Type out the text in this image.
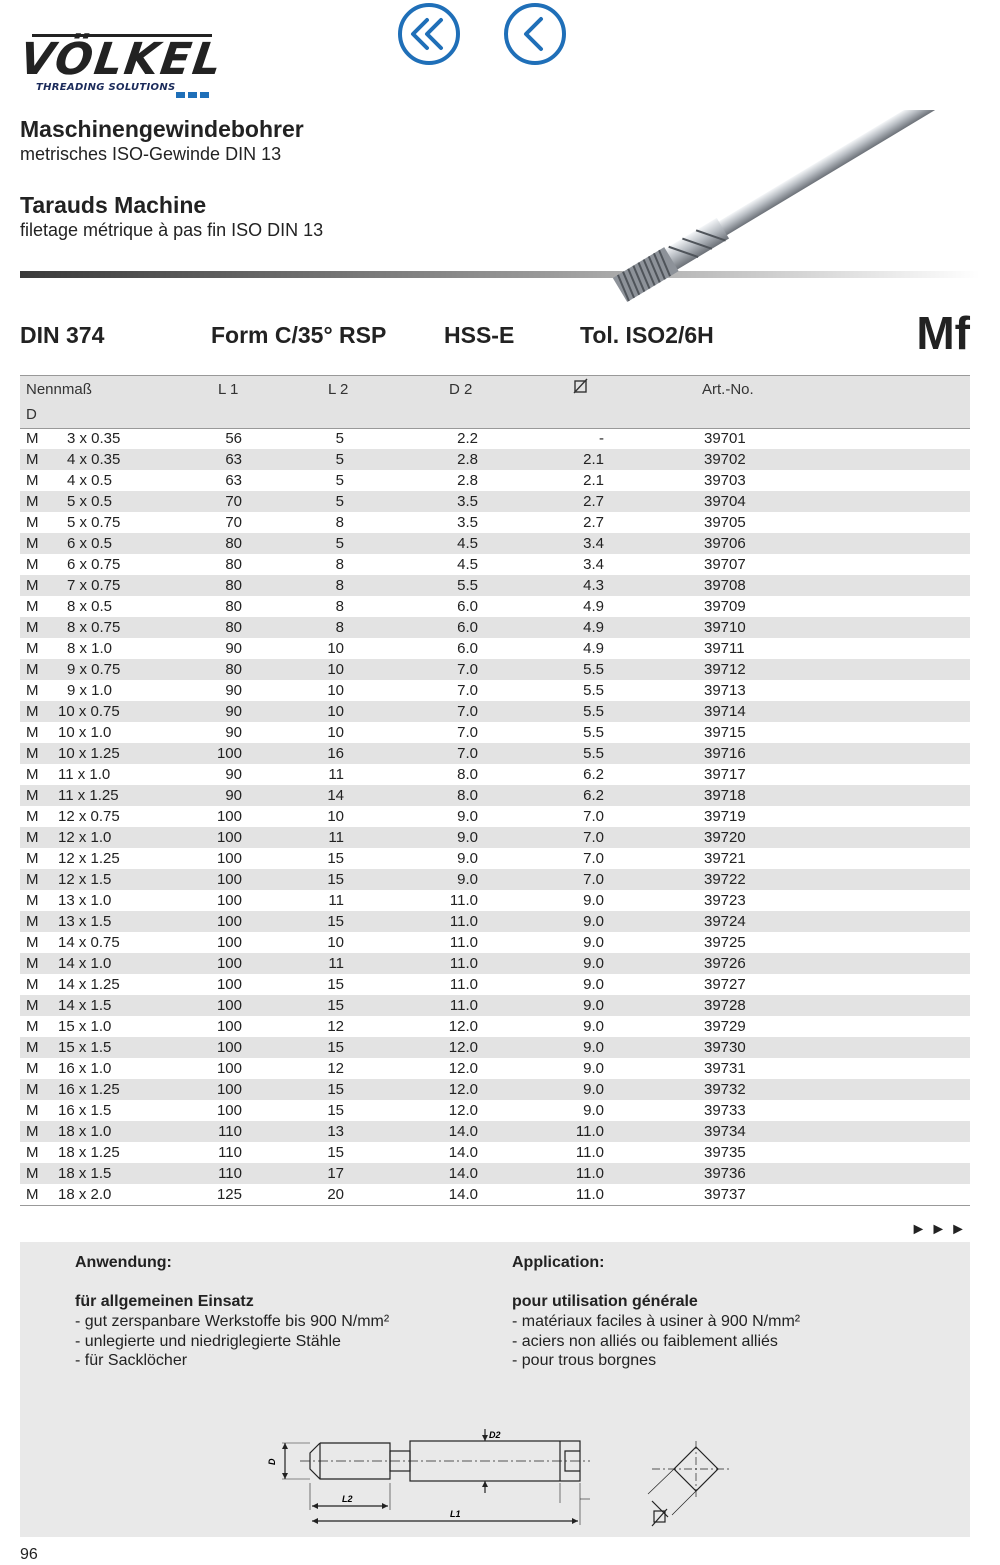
VÖLKEL
THREADING SOLUTIONS
Maschinengewindebohrer
metrisches ISO-Gewinde DIN 13
Tarauds Machine
filetage métrique à pas fin ISO DIN 13
DIN 374	Form C/35° RSP	HSS-E	Tol. ISO2/6H	Mf
Nennmaß
D
L 1	L 2	D 2	Art.-No.
M 3 x 0.35	56	5	2.2	-	39701
M 4 x 0.35	63	5	2.8	2.1	39702
M 4 x 0.5	63	5	2.8	2.1	39703
M 5 x 0.5	70	5	3.5	2.7	39704
M 5 x 0.75	70	8	3.5	2.7	39705
M 6 x 0.5	80	5	4.5	3.4	39706
M 6 x 0.75	80	8	4.5	3.4	39707
M 7 x 0.75	80	8	5.5	4.3	39708
M 8 x 0.5	80	8	6.0	4.9	39709
M 8 x 0.75	80	8	6.0	4.9	39710
M 8 x 1.0	90	10	6.0	4.9	39711
M 9 x 0.75	80	10	7.0	5.5	39712
M 9 x 1.0	90	10	7.0	5.5	39713
M 10 x 0.75	90	10	7.0	5.5	39714
M 10 x 1.0	90	10	7.0	5.5	39715
M 10 x 1.25	100	16	7.0	5.5	39716
M 11 x 1.0	90	11	8.0	6.2	39717
M 11 x 1.25	90	14	8.0	6.2	39718
M 12 x 0.75	100	10	9.0	7.0	39719
M 12 x 1.0	100	11	9.0	7.0	39720
M 12 x 1.25	100	15	9.0	7.0	39721
M 12 x 1.5	100	15	9.0	7.0	39722
M 13 x 1.0	100	11	11.0	9.0	39723
M 13 x 1.5	100	15	11.0	9.0	39724
M 14 x 0.75	100	10	11.0	9.0	39725
M 14 x 1.0	100	11	11.0	9.0	39726
M 14 x 1.25	100	15	11.0	9.0	39727
M 14 x 1.5	100	15	11.0	9.0	39728
M 15 x 1.0	100	12	12.0	9.0	39729
M 15 x 1.5	100	15	12.0	9.0	39730
M 16 x 1.0	100	12	12.0	9.0	39731
M 16 x 1.25	100	15	12.0	9.0	39732
M 16 x 1.5	100	15	12.0	9.0	39733
M 18 x 1.0	110	13	14.0	11.0	39734
M 18 x 1.25	110	15	14.0	11.0	39735
M 18 x 1.5	110	17	14.0	11.0	39736
M 18 x 2.0	125	20	14.0	11.0	39737
►►►
Anwendung:
für allgemeinen Einsatz
- gut zerspanbare Werkstoffe bis 900 N/mm²
- unlegierte und niedriglegierte Stähle
- für Sacklöcher
Application:
pour utilisation générale
- matériaux faciles à usiner à 900 N/mm²
- aciers non alliés ou faiblement alliés
- pour trous borgnes
D
D2
L2
L1
96
